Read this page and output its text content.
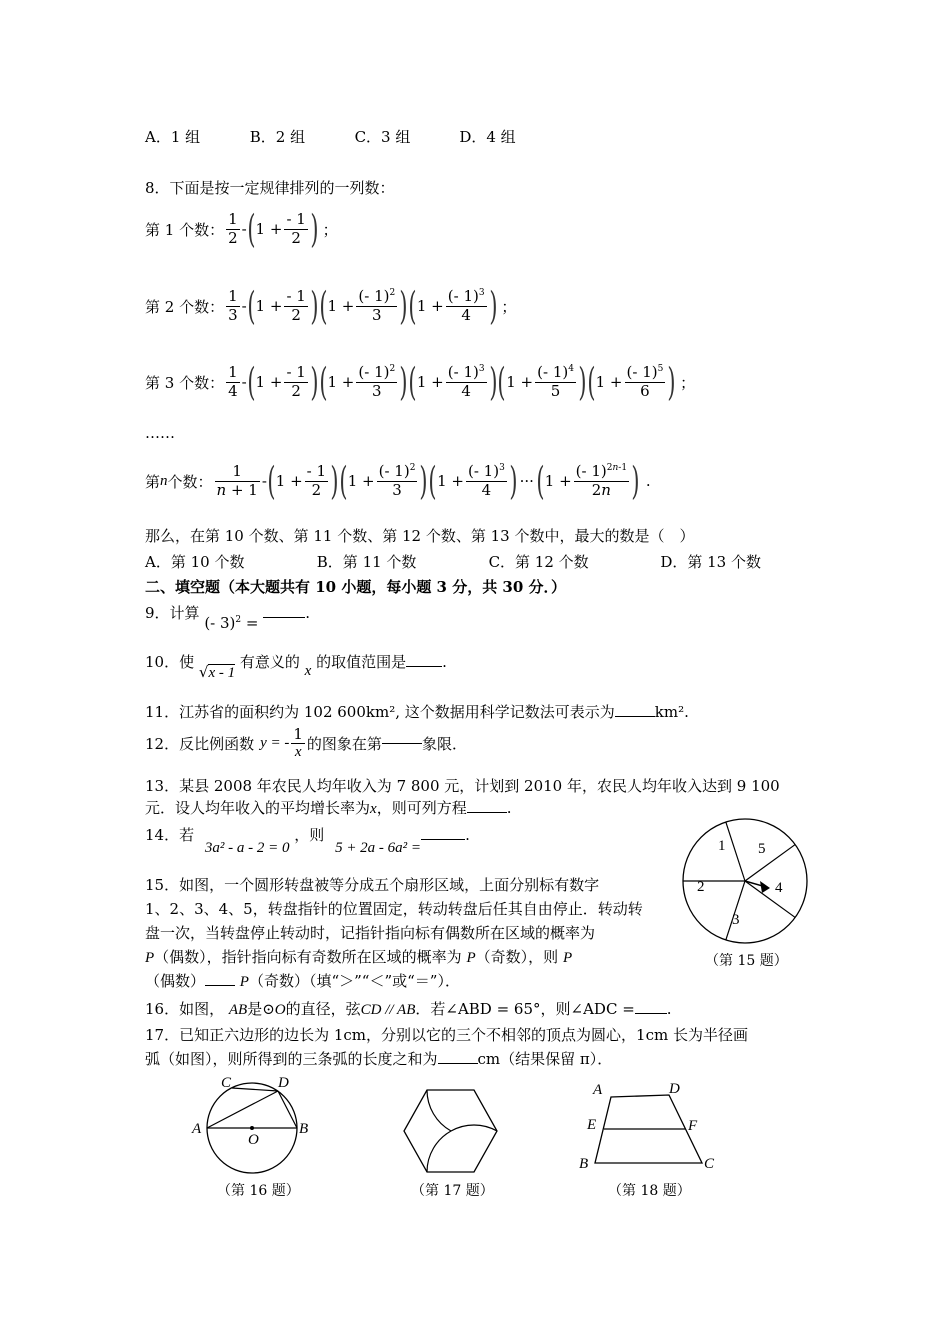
A．1 组	B．2 组	C．3 组	D．4 组
8．下面是按一定规律排列的一列数：
第 1 个数： $\frac{1}{2}$ - ( $1 + \frac{- 1}{2}$ ) ；
第 2 个数： $\frac{1}{3}$ - ( $1 + \frac{- 1}{2}$ ) ( $1 + \frac{(- 1)^2}{3}$ ) ( $1 + \frac{(- 1)^3}{4}$ ) ；
第 3 个数： $\frac{1}{4}$ - ( $1 + \frac{- 1}{2}$ ) ( $1 + \frac{(- 1)^2}{3}$ ) ( $1 + \frac{(- 1)^3}{4}$ ) ( $1 + \frac{(- 1)^4}{5}$ ) ( $1 + \frac{(- 1)^5}{6}$ ) ；
……
第 n 个数： $\frac{1}{n + 1}$ - ( $1 + \frac{- 1}{2}$ ) ( $1 + \frac{(- 1)^2}{3}$ ) ( $1 + \frac{(- 1)^3}{4}$ ) ··· ( $1 + \frac{(- 1)^{2n-1}}{2n}$ ) .
那么，在第 10 个数、第 11 个数、第 12 个数、第 13 个数中，最大的数是（　）
A．第 10 个数	B．第 11 个数	C．第 12 个数	D．第 13 个数
二、填空题（本大题共有 10 小题，每小题 3 分，共 30 分．）
9．计算 (- 3)$^2$ = .
10．使 √x - 1 有意义的 x 的取值范围是 .
11．江苏省的面积约为 102 600km², 这个数据用科学记数法可表示为	km².
12．反比例函数 y = - $\frac{1}{x}$ 的图象在第	象限．
13．某县 2008 年农民人均年收入为 7 800 元，计划到 2010 年，农民人均年收入达到 9 100
元．设人均年收入的平均增长率为x，则可列方程	.
14．若 3a² - a - 2 = 0 ，则 5 + 2a - 6a² =.
15．如图，一个圆形转盘被等分成五个扇形区域，上面分别标有数字
1、2、3、4、5，转盘指针的位置固定，转动转盘后任其自由停止．转动转
盘一次，当转盘停止转动时，记指针指向标有偶数所在区域的概率为
P（偶数），指针指向标有奇数所在区域的概率为 P（奇数），则 P
（偶数） P（奇数）（填“＞”“＜”或“＝”）．
1 5
2	4
3
（第 15 题）
16．如图， AB是⊙O的直径，弦CD // AB．若∠ABD = 65°，则∠ADC = .
17．已知正六边形的边长为 1cm，分别以它的三个不相邻的顶点为圆心，1cm 长为半径画
弧（如图），则所得到的三条弧的长度之和为	cm（结果保留 π）．
C	D
A
O
B
（第 16 题）	（第 17 题）
A	D
E	F
B	C
（第 18 题）
